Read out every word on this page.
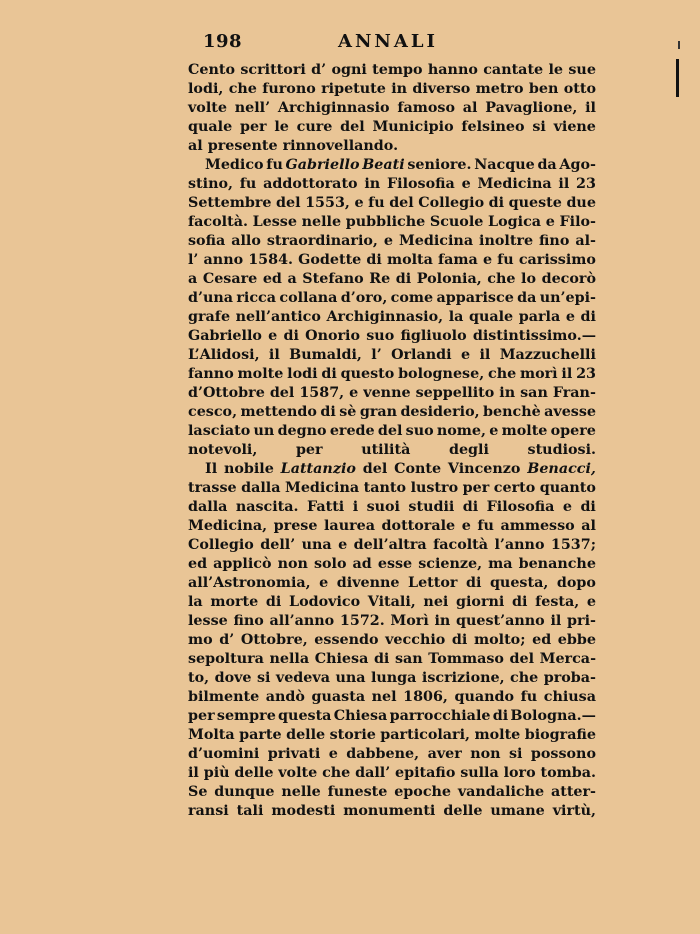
198	ANNALI
Cento scrittori d’ ogni tempo hanno cantate le sue
lodi, che furono ripetute in diverso metro ben otto
volte nell’ Archiginnasio famoso al Pavaglione, il
quale per le cure del Municipio felsineo si viene
al presente rinnovellando.
Medico fu Gabriello Beati seniore. Nacque da Ago-
stino, fu addottorato in Filosofia e Medicina il 23
Settembre del 1553, e fu del Collegio di queste due
facoltà. Lesse nelle pubbliche Scuole Logica e Filo-
sofia allo straordinario, e Medicina inoltre fino al-
l’ anno 1584. Godette di molta fama e fu carissimo
a Cesare ed a Stefano Re di Polonia, che lo decorò
d’una ricca collana d’oro, come apparisce da un’epi-
grafe nell’antico Archiginnasio, la quale parla e di
Gabriello e di Onorio suo figliuolo distintissimo.—
L’Alidosi, il Bumaldi, l’ Orlandi e il Mazzuchelli
fanno molte lodi di questo bolognese, che morì il 23
d’Ottobre del 1587, e venne seppellito in san Fran-
cesco, mettendo di sè gran desiderio, benchè avesse
lasciato un degno erede del suo nome, e molte opere
notevoli,	per	utilità	degli	studiosi.
Il nobile Lattanzio del Conte Vincenzo Benacci,
trasse dalla Medicina tanto lustro per certo quanto
dalla nascita. Fatti i suoi studii di Filosofia e di
Medicina, prese laurea dottorale e fu ammesso al
Collegio dell’ una e dell’altra facoltà l’anno 1537;
ed applicò non solo ad esse scienze, ma benanche
all’Astronomia, e divenne Lettor di questa, dopo
la morte di Lodovico Vitali, nei giorni di festa, e
lesse fino all’anno 1572. Morì in quest’anno il pri-
mo d’ Ottobre, essendo vecchio di molto; ed ebbe
sepoltura nella Chiesa di san Tommaso del Merca-
to, dove si vedeva una lunga iscrizione, che proba-
bilmente andò guasta nel 1806, quando fu chiusa
per sempre questa Chiesa parrocchiale di Bologna.—
Molta parte delle storie particolari, molte biografie
d’uomini privati e dabbene, aver non si possono
il più delle volte che dall’ epitafio sulla loro tomba.
Se dunque nelle funeste epoche vandaliche atter-
ransi tali modesti monumenti delle umane virtù,
